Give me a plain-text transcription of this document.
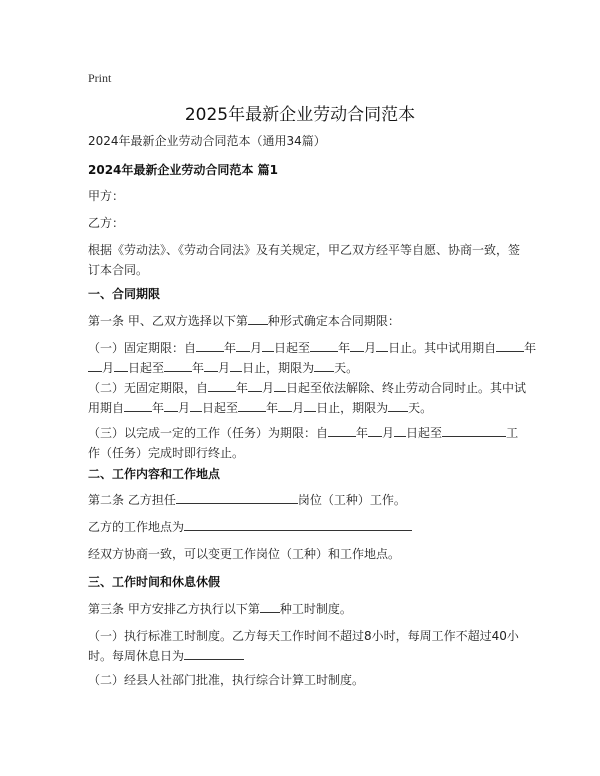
Print
2025年最新企业劳动合同范本
2024年最新企业劳动合同范本（通用34篇）
2024年最新企业劳动合同范本 篇1
甲方：
乙方：
根据《劳动法》、《劳动合同法》及有关规定，甲乙双方经平等自愿、协商一致，签订本合同。
一、合同期限
第一条 甲、乙双方选择以下第 种形式确定本合同期限：
（一）固定期限：自 年 月 日起至 年 月 日止。其中试用期自 年
月 日起至 年 月 日止，期限为 天。
（二）无固定期限，自 年 月 日起至依法解除、终止劳动合同时止。其中试
用期自 年 月 日起至 年 月 日止，期限为 天。
（三）以完成一定的工作（任务）为期限：自 年 月 日起至	工
作（任务）完成时即行终止。
二、工作内容和工作地点
第二条 乙方担任	岗位（工种）工作。
乙方的工作地点为
经双方协商一致，可以变更工作岗位（工种）和工作地点。
三、工作时间和休息休假
第三条 甲方安排乙方执行以下第 种工时制度。
（一）执行标准工时制度。乙方每天工作时间不超过8小时，每周工作不超过40小
时。每周休息日为
（二）经县人社部门批准，执行综合计算工时制度。
